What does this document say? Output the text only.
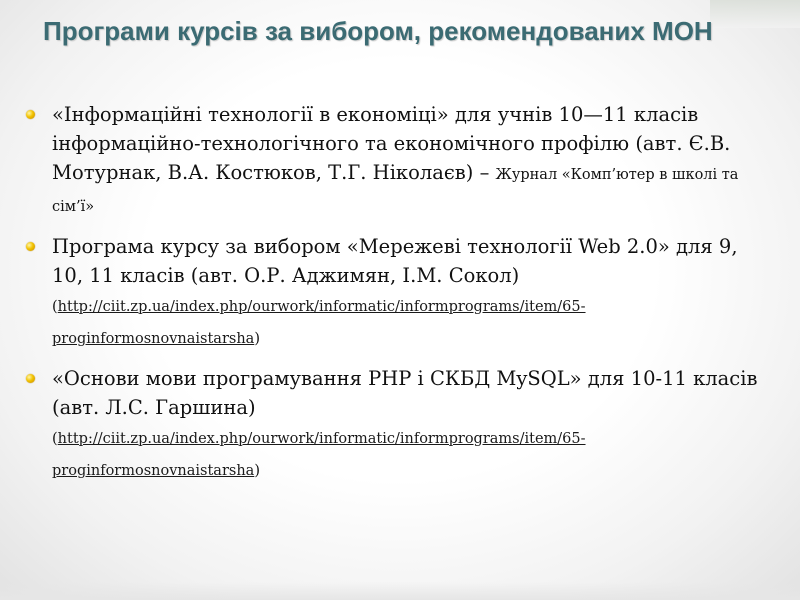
Програми курсів за вибором, рекомендованих МОН
«Інформаційні технології в економіці» для учнів 10—11 класів інформаційно-технологічного та економічного профілю (авт. Є.В. Мотурнак, В.А. Костюков, Т.Г. Ніколаєв) – Журнал «Комп’ютер в школі та сім’ї»
Програма курсу за вибором «Мережеві технології Web 2.0» для 9, 10, 11 класів (авт. О.Р. Аджимян, І.М. Сокол) (http://ciit.zp.ua/index.php/ourwork/informatic/informprograms/item/65-proginformosnovnaistarsha)
«Основи мови програмування PHP і СКБД MySQL» для 10-11 класів (авт. Л.С. Гаршина) (http://ciit.zp.ua/index.php/ourwork/informatic/informprograms/item/65-proginformosnovnaistarsha)
